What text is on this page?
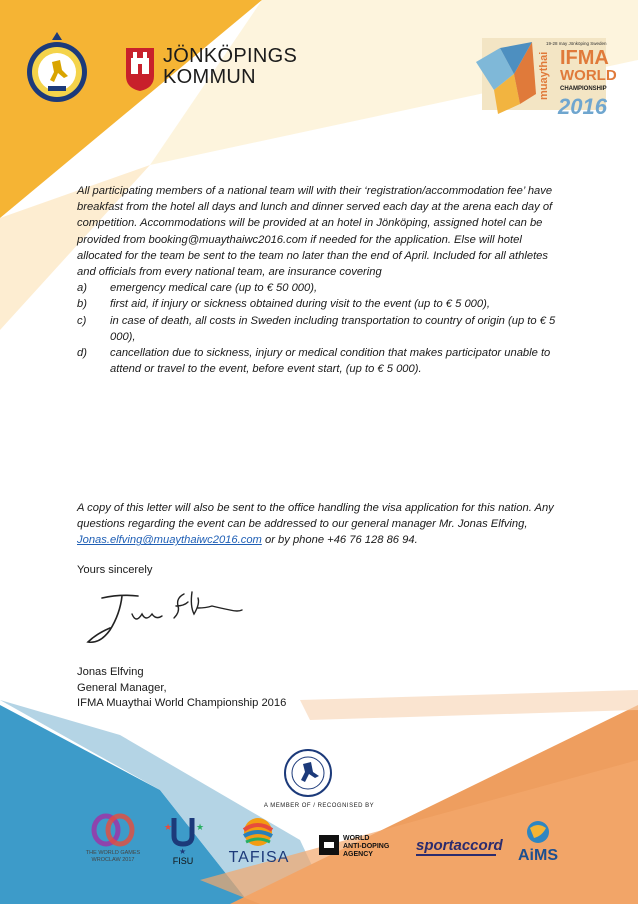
JÖNKÖPINGS
KOMMUN
19-28 may Jönköping Sweden
muaythai IFMA
WORLD
CHAMPIONSHIP
2016

All participating members of a national team will with their ‘registration/accommodation fee’ have breakfast from the hotel all days and lunch and dinner served each day at the arena each day of competition. Accommodations will be provided at an hotel in Jönköping, assigned hotel can be provided from booking@muaythaiwc2016.com if needed for the application. Else will hotel allocated for the team be sent to the team no later than the end of April. Included for all athletes and officials from every national team, are insurance covering

a)	emergency medical care (up to € 50 000),
b)	first aid, if injury or sickness obtained during visit to the event (up to € 5 000),
c)	in case of death, all costs in Sweden including transportation to country of origin (up to € 5 000),
d)	cancellation due to sickness, injury or medical condition that makes participator unable to attend or travel to the event, before event start, (up to € 5 000).
A copy of this letter will also be sent to the office handling the visa application for this nation. Any questions regarding the event can be addressed to our general manager Mr. Jonas Elfving, Jonas.elfving@muaythaiwc2016.com or by phone +46 76 128 86 94.
Yours sincerely

Jonas Elfving

General Manager,

IFMA Muaythai World Championship 2016

A MEMBER OF / RECOGNISED BY
THE WORLD GAMES
WROCLAW 2017
★	★
★
FISU TAFISA
WORLD
ANTI-DOPING
AGENCY
sportaccord
AiMS
